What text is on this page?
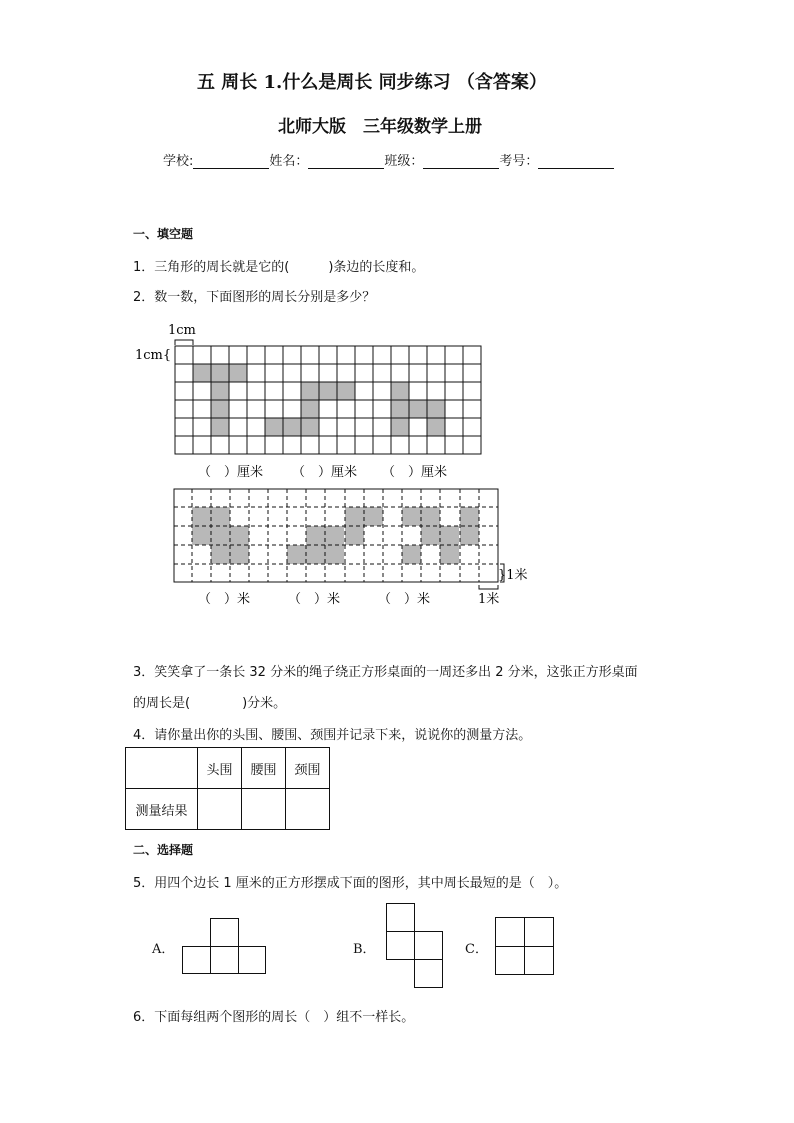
五 周长 1.什么是周长 同步练习 （含答案）
北师大版　三年级数学上册
学校:	姓名：	班级：	考号：
一、填空题
1．三角形的周长就是它的(　　　)条边的长度和。
2．数一数，下面图形的周长分别是多少？
1cm
1cm{
（　）厘米 （　）厘米 （　）厘米
}1米
1米
（　）米	（　）米	（　）米
3．笑笑拿了一条长 32 分米的绳子绕正方形桌面的一周还多出 2 分米，这张正方形桌面
的周长是(　　　　)分米。
4．请你量出你的头围、腰围、颈围并记录下来，说说你的测量方法。
	头围	腰围	颈围
测量结果			
二、选择题
5．用四个边长 1 厘米的正方形摆成下面的图形，其中周长最短的是（　）。
A．	B．	C．
6．下面每组两个图形的周长（　）组不一样长。
